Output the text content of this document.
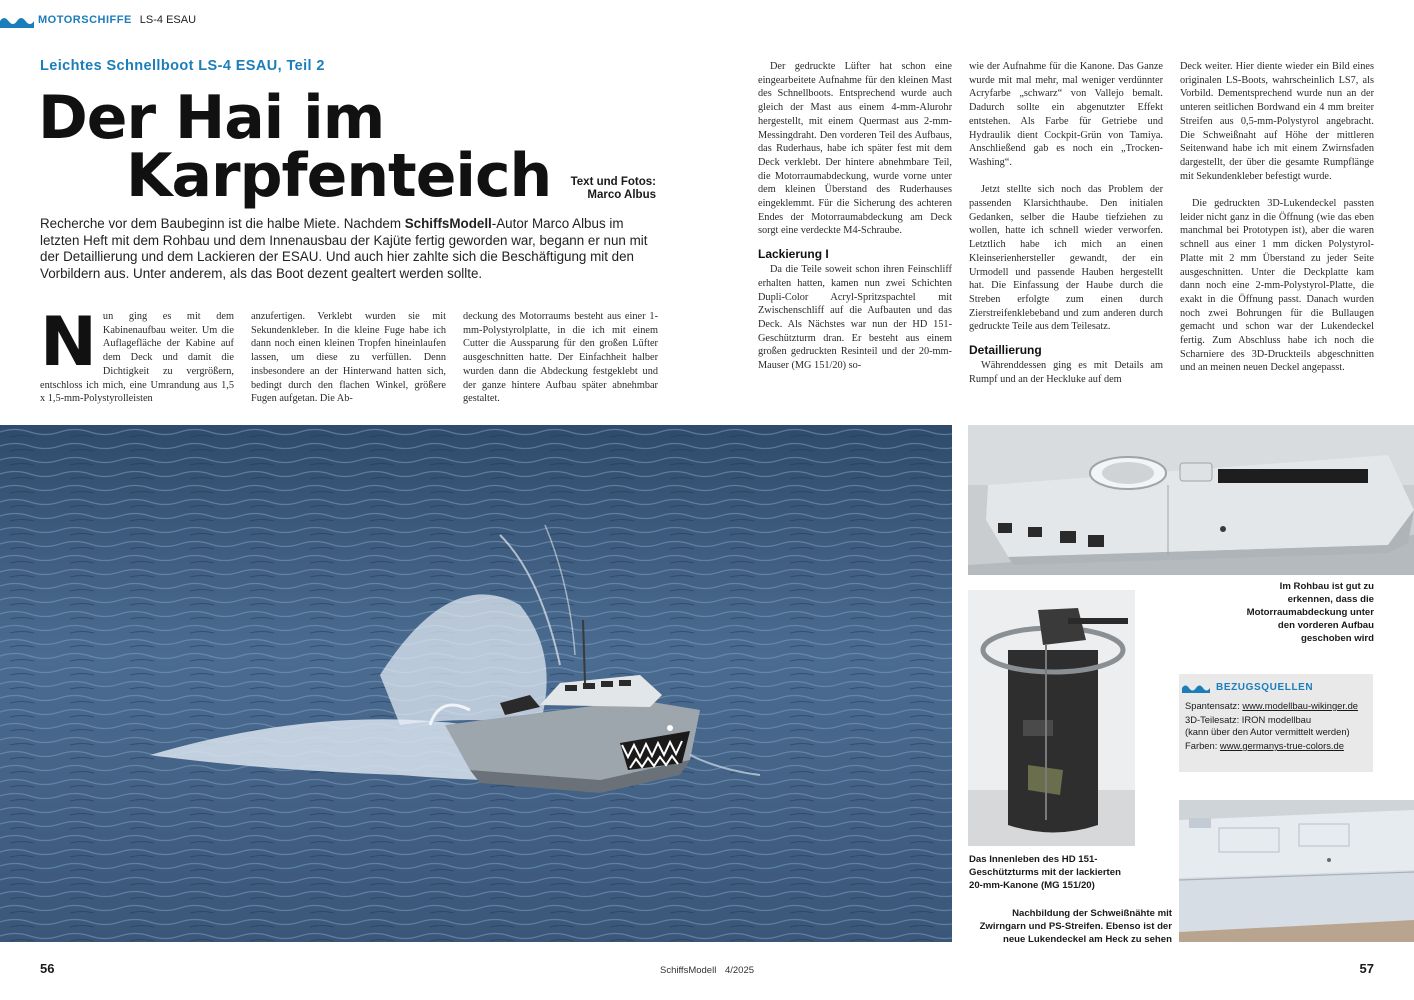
MOTORSCHIFFE LS-4 ESAU
Leichtes Schnellboot LS-4 ESAU, Teil 2
Der Hai im
Karpfenteich Text und Fotos:
Marco Albus
Recherche vor dem Baubeginn ist die halbe Miete. Nachdem SchiffsModell-Autor Marco Albus im letzten Heft mit dem Rohbau und dem Innenausbau der Kajüte fertig geworden war, begann er nun mit der Detaillierung und dem Lackieren der ESAU. Und auch hier zahlte sich die Beschäftigung mit den Vorbildern aus. Unter anderem, als das Boot dezent gealtert werden sollte.
N un ging es mit dem Kabinenaufbau weiter. Um die Auflagefläche der Kabine auf dem Deck und damit die Dichtigkeit zu vergrößern, entschloss ich mich, eine Umrandung aus 1,5 x 1,5-mm-Polystyrolleisten

anzufertigen. Verklebt wurden sie mit Sekundenkleber. In die kleine Fuge habe ich dann noch einen kleinen Tropfen hineinlaufen lassen, um diese zu verfüllen. Denn insbesondere an der Hinterwand hatten sich, bedingt durch den flachen Winkel, größere Fugen aufgetan. Die Ab-

deckung des Motorraums besteht aus einer 1-mm-Polystyrolplatte, in die ich mit einem Cutter die Aussparung für den großen Lüfter ausgeschnitten hatte. Der Einfachheit halber wurden dann die Abdeckung festgeklebt und der ganze hintere Aufbau später abnehmbar gestaltet.

Der gedruckte Lüfter hat schon eine eingearbeitete Aufnahme für den kleinen Mast des Schnellboots. Entsprechend wurde auch gleich der Mast aus einem 4-mm-Alurohr hergestellt, mit einem Quermast aus 2-mm-Messingdraht. Den vorderen Teil des Aufbaus, das Ruderhaus, habe ich später fest mit dem Deck verklebt. Der hintere abnehmbare Teil, die Motorraumabdeckung, wurde vorne unter dem kleinen Überstand des Ruderhauses eingeklemmt. Für die Sicherung des achteren Endes der Motorraumabdeckung am Deck sorgt eine verdeckte M4-Schraube.

Lackierung I

Da die Teile soweit schon ihren Feinschliff erhalten hatten, kamen nun zwei Schichten Dupli-Color Acryl-Spritzspachtel mit Zwischenschliff auf die Aufbauten und das Deck. Als Nächstes war nun der HD 151-Geschützturm dran. Er besteht aus einem großen gedruckten Resinteil und der 20-mm-Mauser (MG 151/20) so-

wie der Aufnahme für die Kanone. Das Ganze wurde mit mal mehr, mal weniger verdünnter Acryfarbe „schwarz“ von Vallejo bemalt. Dadurch sollte ein abgenutzter Effekt entstehen. Als Farbe für Getriebe und Hydraulik dient Cockpit-Grün von Tamiya. Anschließend gab es noch ein „Trocken-Washing“.

Jetzt stellte sich noch das Problem der passenden Klarsichthaube. Den initialen Gedanken, selber die Haube tiefziehen zu wollen, hatte ich schnell wieder verworfen. Letztlich habe ich mich an einen Kleinserienhersteller gewandt, der ein Urmodell und passende Hauben hergestellt hat. Die Einfassung der Haube durch die Streben erfolgte zum einen durch Zierstreifenklebeband und zum anderen durch gedruckte Teile aus dem Teilesatz.

Detaillierung

Währenddessen ging es mit Details am Rumpf und an der Heckluke auf dem

Deck weiter. Hier diente wieder ein Bild eines originalen LS-Boots, wahrscheinlich LS7, als Vorbild. Dementsprechend wurde nun an der unteren seitlichen Bordwand ein 4 mm breiter Streifen aus 0,5-mm-Polystyrol angebracht. Die Schweißnaht auf Höhe der mittleren Seitenwand habe ich mit einem Zwirnsfaden dargestellt, der über die gesamte Rumpflänge mit Sekundenkleber befestigt wurde.

Die gedruckten 3D-Lukendeckel passten leider nicht ganz in die Öffnung (wie das eben manchmal bei Prototypen ist), aber die waren schnell aus einer 1 mm dicken Polystyrol-Platte mit 2 mm Überstand zu jeder Seite ausgeschnitten. Unter die Deckplatte kam dann noch eine 2-mm-Polystyrol-Platte, die exakt in die Öffnung passt. Danach wurden noch zwei Bohrungen für die Bullaugen gemacht und schon war der Lukendeckel fertig. Zum Abschluss habe ich noch die Scharniere des 3D-Druckteils abgeschnitten und an meinen neuen Deckel angepasst.

Im Rohbau ist gut zu erkennen, dass die Motorraumabdeckung unter den vorderen Aufbau geschoben wird
Das Innenleben des HD 151-Geschützturms mit der lackierten 20-mm-Kanone (MG 151/20)
Nachbildung der Schweißnähte mit Zwirngarn und PS-Streifen. Ebenso ist der neue Lukendeckel am Heck zu sehen
BEZUGSQUELLEN
Spantensatz: www.modellbau-wikinger.de
3D-Teilesatz: IRON modellbau
(kann über den Autor vermittelt werden)
Farben: www.germanys-true-colors.de
56	SchiffsModell 4/2025	57
